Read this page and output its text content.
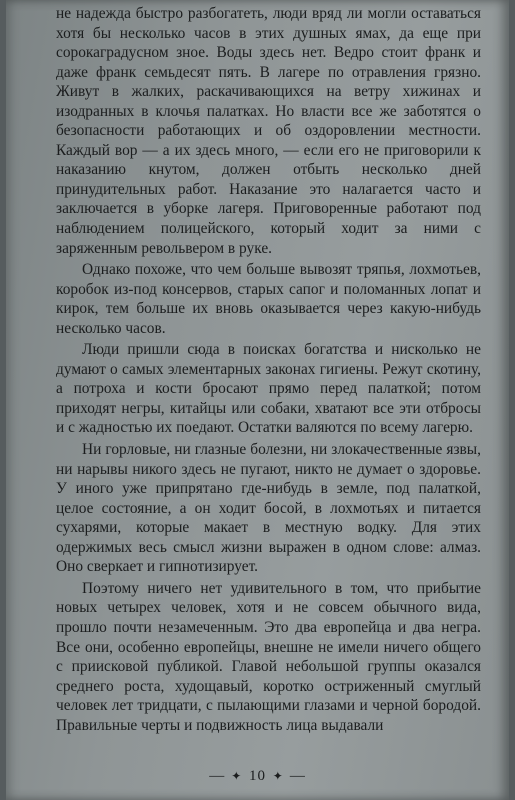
не надежда быстро разбогатеть, люди вряд ли могли оставаться хотя бы несколько часов в этих душных ямах, да еще при сорокаградусном зное. Воды здесь нет. Ведро стоит франк и даже франк семьдесят пять. В лагере по отравления грязно. Живут в жалких, раскачивающихся на ветру хижинах и изодранных в клочья палатках. Но власти все же заботятся о безопасности работающих и об оздоровлении местности. Каждый вор — а их здесь много, — если его не приговорили к наказанию кнутом, должен отбыть несколько дней принудительных работ. Наказание это налагается часто и заключается в уборке лагеря. Приговоренные работают под наблюдением полицейского, который ходит за ними с заряженным револьвером в руке.

Однако похоже, что чем больше вывозят тряпья, лохмотьев, коробок из-под консервов, старых сапог и поломанных лопат и кирок, тем больше их вновь оказывается через какую-нибудь несколько часов.

Люди пришли сюда в поисках богатства и нисколько не думают о самых элементарных законах гигиены. Режут скотину, а потроха и кости бросают прямо перед палаткой; потом приходят негры, китайцы или собаки, хватают все эти отбросы и с жадностью их поедают. Остатки валяются по всему лагерю.

Ни горловые, ни глазные болезни, ни злокачественные язвы, ни нарывы никого здесь не пугают, никто не думает о здоровье. У иного уже припрятано где-нибудь в земле, под палаткой, целое состояние, а он ходит босой, в лохмотьях и питается сухарями, которые макает в местную водку. Для этих одержимых весь смысл жизни выражен в одном слове: алмаз. Оно сверкает и гипнотизирует.

Поэтому ничего нет удивительного в том, что прибытие новых четырех человек, хотя и не совсем обычного вида, прошло почти незамеченным. Это два европейца и два негра. Все они, особенно европейцы, внешне не имели ничего общего с приисковой публикой. Главой небольшой группы оказался среднего роста, худощавый, коротко остриженный смуглый человек лет тридцати, с пылающими глазами и черной бородой. Правильные черты и подвижность лица выдавали

— ✦ 10 ✦ —
